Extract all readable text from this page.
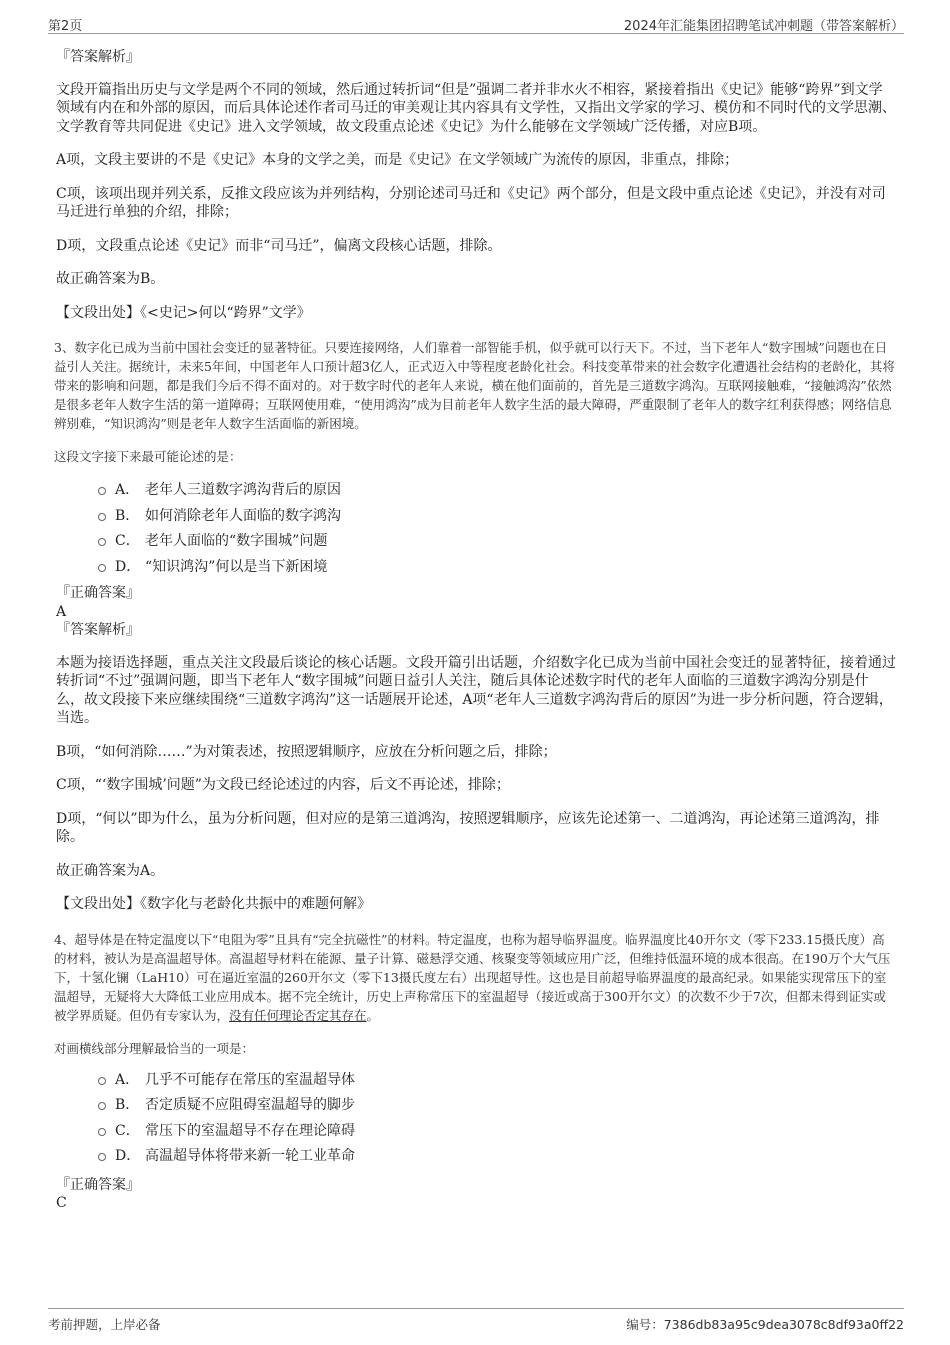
第2页	2024年汇能集团招聘笔试冲刺题（带答案解析）

『答案解析』

文段开篇指出历史与文学是两个不同的领域，然后通过转折词“但是”强调二者并非水火不相容，紧接着指出《史记》能够“跨界”到文学领域有内在和外部的原因，而后具体论述作者司马迁的审美观让其内容具有文学性，又指出文学家的学习、模仿和不同时代的文学思潮、文学教育等共同促进《史记》进入文学领域，故文段重点论述《史记》为什么能够在文学领域广泛传播，对应B项。

A项，文段主要讲的不是《史记》本身的文学之美，而是《史记》在文学领域广为流传的原因，非重点，排除；

C项，该项出现并列关系，反推文段应该为并列结构，分别论述司马迁和《史记》两个部分，但是文段中重点论述《史记》，并没有对司马迁进行单独的介绍，排除；

D项，文段重点论述《史记》而非“司马迁”，偏离文段核心话题，排除。

故正确答案为B。

【文段出处】《<史记>何以“跨界”文学》

3、数字化已成为当前中国社会变迁的显著特征。只要连接网络，人们靠着一部智能手机，似乎就可以行天下。不过，当下老年人“数字围城”问题也在日益引人关注。据统计，未来5年间，中国老年人口预计超3亿人，正式迈入中等程度老龄化社会。科技变革带来的社会数字化遭遇社会结构的老龄化，其将带来的影响和问题，都是我们今后不得不面对的。对于数字时代的老年人来说，横在他们面前的，首先是三道数字鸿沟。互联网接触难，“接触鸿沟”依然是很多老年人数字生活的第一道障碍；互联网使用难，“使用鸿沟”成为目前老年人数字生活的最大障碍，严重限制了老年人的数字红利获得感；网络信息辨别难，“知识鸿沟”则是老年人数字生活面临的新困境。

这段文字接下来最可能论述的是：

A． 老年人三道数字鸿沟背后的原因
B． 如何消除老年人面临的数字鸿沟
C． 老年人面临的“数字围城”问题
D． “知识鸿沟”何以是当下新困境

『正确答案』

A

『答案解析』

本题为接语选择题，重点关注文段最后谈论的核心话题。文段开篇引出话题，介绍数字化已成为当前中国社会变迁的显著特征，接着通过转折词“不过”强调问题，即当下老年人“数字围城”问题日益引人关注，随后具体论述数字时代的老年人面临的三道数字鸿沟分别是什么，故文段接下来应继续围绕“三道数字鸿沟”这一话题展开论述，A项“老年人三道数字鸿沟背后的原因”为进一步分析问题，符合逻辑，当选。

B项，“如何消除……”为对策表述，按照逻辑顺序，应放在分析问题之后，排除；

C项，“‘数字围城’问题”为文段已经论述过的内容，后文不再论述，排除；

D项，“何以”即为什么，虽为分析问题，但对应的是第三道鸿沟，按照逻辑顺序，应该先论述第一、二道鸿沟，再论述第三道鸿沟，排除。

故正确答案为A。

【文段出处】《数字化与老龄化共振中的难题何解》

4、超导体是在特定温度以下“电阻为零”且具有“完全抗磁性”的材料。特定温度，也称为超导临界温度。临界温度比40开尔文（零下233.15摄氏度）高的材料，被认为是高温超导体。高温超导材料在能源、量子计算、磁悬浮交通、核聚变等领域应用广泛，但维持低温环境的成本很高。在190万个大气压下，十氢化镧（LaH10）可在逼近室温的260开尔文（零下13摄氏度左右）出现超导性。这也是目前超导临界温度的最高纪录。如果能实现常压下的室温超导，无疑将大大降低工业应用成本。据不完全统计，历史上声称常压下的室温超导（接近或高于300开尔文）的次数不少于7次，但都未得到证实或被学界质疑。但仍有专家认为，没有任何理论否定其存在。

对画横线部分理解最恰当的一项是：

A． 几乎不可能存在常压的室温超导体
B． 否定质疑不应阻碍室温超导的脚步
C． 常压下的室温超导不存在理论障碍
D． 高温超导体将带来新一轮工业革命

『正确答案』

C

考前押题，上岸必备	编号：7386db83a95c9dea3078c8df93a0ff22
